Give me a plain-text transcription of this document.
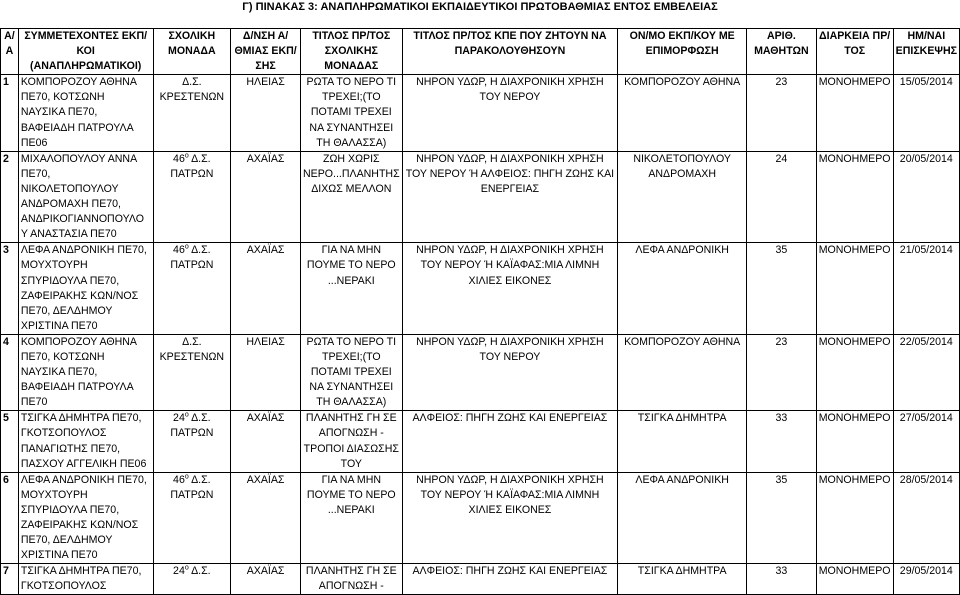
Γ) ΠΙΝΑΚΑΣ 3: ΑΝΑΠΛΗΡΩΜΑΤΙΚΟΙ ΕΚΠΑΙΔΕΥΤΙΚΟΙ ΠΡΩΤΟΒΑΘΜΙΑΣ ΕΝΤΟΣ ΕΜΒΕΛΕΙΑΣ
Α/Α	ΣΥΜΜΕΤΕΧΟΝΤΕΣ ΕΚΠ/ΚΟΙ (ΑΝΑΠΛΗΡΩΜΑΤΙΚΟΙ)	ΣΧΟΛΙΚΗ ΜΟΝΑΔΑ	Δ/ΝΣΗ Α/ΘΜΙΑΣ ΕΚΠ/ΣΗΣ	ΤΙΤΛΟΣ ΠΡ/ΤΟΣ ΣΧΟΛΙΚΗΣ ΜΟΝΑΔΑΣ	ΤΙΤΛΟΣ ΠΡ/ΤΟΣ ΚΠΕ ΠΟΥ ΖΗΤΟΥΝ ΝΑ ΠΑΡΑΚΟΛΟΥΘΗΣΟΥΝ	ΟΝ/ΜΟ ΕΚΠ/ΚΟΥ ΜΕ ΕΠΙΜΟΡΦΩΣΗ	ΑΡΙΘ. ΜΑΘΗΤΩΝ	ΔΙΑΡΚΕΙΑ ΠΡ/ΤΟΣ	ΗΜ/ΝΑΙ ΕΠΙΣΚΕΨΗΣ
1	ΚΟΜΠΟΡΟΖΟΥ ΑΘΗΝΑ ΠΕ70, ΚΟΤΣΩΝΗ ΝΑΥΣΙΚΑ ΠΕ70, ΒΑΦΕΙΑΔΗ ΠΑΤΡΟΥΛΑ ΠΕ06	Δ.Σ. ΚΡΕΣΤΕΝΩΝ	ΗΛΕΙΑΣ	ΡΩΤΑ ΤΟ ΝΕΡΟ ΤΙ ΤΡΕΧΕΙ;(ΤΟ ΠΟΤΑΜΙ ΤΡΕΧΕΙ ΝΑ ΣΥΝΑΝΤΗΣΕΙ ΤΗ ΘΑΛΑΣΣΑ)	ΝΗΡΟΝ ΥΔΩΡ, Η ΔΙΑΧΡΟΝΙΚΗ ΧΡΗΣΗ ΤΟΥ ΝΕΡΟΥ	ΚΟΜΠΟΡΟΖΟΥ ΑΘΗΝΑ	23	ΜΟΝΟΗΜΕΡΟ	15/05/2014
2	ΜΙΧΑΛΟΠΟΥΛΟΥ ΑΝΝΑ ΠΕ70, ΝΙΚΟΛΕΤΟΠΟΥΛΟΥ ΑΝΔΡΟΜΑΧΗ ΠΕ70, ΑΝΔΡΙΚΟΓΙΑΝΝΟΠΟΥΛΟΥ ΑΝΑΣΤΑΣΙΑ ΠΕ70	$46^o$ Δ.Σ. ΠΑΤΡΩΝ	ΑΧΑΪΑΣ	ΖΩΗ ΧΩΡΙΣ ΝΕΡΟ...ΠΛΑΝΗΤΗΣ ΔΙΧΩΣ ΜΕΛΛΟΝ	ΝΗΡΟΝ ΥΔΩΡ, Η ΔΙΑΧΡΟΝΙΚΗ ΧΡΗΣΗ ΤΟΥ ΝΕΡΟΥ Ή ΑΛΦΕΙΟΣ: ΠΗΓΗ ΖΩΗΣ ΚΑΙ ΕΝΕΡΓΕΙΑΣ	ΝΙΚΟΛΕΤΟΠΟΥΛΟΥ ΑΝΔΡΟΜΑΧΗ	24	ΜΟΝΟΗΜΕΡΟ	20/05/2014
3	ΛΕΦΑ ΑΝΔΡΟΝΙΚΗ ΠΕ70, ΜΟΥΧΤΟΥΡΗ ΣΠΥΡΙΔΟΥΛΑ ΠΕ70, ΖΑΦΕΙΡΑΚΗΣ ΚΩΝ/ΝΟΣ ΠΕ70, ΔΕΛΔΗΜΟΥ ΧΡΙΣΤΙΝΑ ΠΕ70	$46^o$ Δ.Σ. ΠΑΤΡΩΝ	ΑΧΑΪΑΣ	ΓΙΑ ΝΑ ΜΗΝ ΠΟΥΜΕ ΤΟ ΝΕΡΟ ...ΝΕΡΑΚΙ	ΝΗΡΟΝ ΥΔΩΡ, Η ΔΙΑΧΡΟΝΙΚΗ ΧΡΗΣΗ ΤΟΥ ΝΕΡΟΥ Ή ΚΑΪΑΦΑΣ:ΜΙΑ ΛΙΜΝΗ ΧΙΛΙΕΣ ΕΙΚΟΝΕΣ	ΛΕΦΑ ΑΝΔΡΟΝΙΚΗ	35	ΜΟΝΟΗΜΕΡΟ	21/05/2014
4	ΚΟΜΠΟΡΟΖΟΥ ΑΘΗΝΑ ΠΕ70, ΚΟΤΣΩΝΗ ΝΑΥΣΙΚΑ ΠΕ70, ΒΑΦΕΙΑΔΗ ΠΑΤΡΟΥΛΑ ΠΕ70	Δ.Σ. ΚΡΕΣΤΕΝΩΝ	ΗΛΕΙΑΣ	ΡΩΤΑ ΤΟ ΝΕΡΟ ΤΙ ΤΡΕΧΕΙ;(ΤΟ ΠΟΤΑΜΙ ΤΡΕΧΕΙ ΝΑ ΣΥΝΑΝΤΗΣΕΙ ΤΗ ΘΑΛΑΣΣΑ)	ΝΗΡΟΝ ΥΔΩΡ, Η ΔΙΑΧΡΟΝΙΚΗ ΧΡΗΣΗ ΤΟΥ ΝΕΡΟΥ	ΚΟΜΠΟΡΟΖΟΥ ΑΘΗΝΑ	23	ΜΟΝΟΗΜΕΡΟ	22/05/2014
5	ΤΣΙΓΚΑ ΔΗΜΗΤΡΑ ΠΕ70, ΓΚΟΤΣΟΠΟΥΛΟΣ ΠΑΝΑΓΙΩΤΗΣ ΠΕ70, ΠΑΣΧΟΥ ΑΓΓΕΛΙΚΗ ΠΕ06	$24^o$ Δ.Σ. ΠΑΤΡΩΝ	ΑΧΑΪΑΣ	ΠΛΑΝΗΤΗΣ ΓΗ ΣΕ ΑΠΟΓΝΩΣΗ - ΤΡΟΠΟΙ ΔΙΑΣΩΣΗΣ ΤΟΥ	ΑΛΦΕΙΟΣ: ΠΗΓΗ ΖΩΗΣ ΚΑΙ ΕΝΕΡΓΕΙΑΣ	ΤΣΙΓΚΑ ΔΗΜΗΤΡΑ	33	ΜΟΝΟΗΜΕΡΟ	27/05/2014
6	ΛΕΦΑ ΑΝΔΡΟΝΙΚΗ ΠΕ70, ΜΟΥΧΤΟΥΡΗ ΣΠΥΡΙΔΟΥΛΑ ΠΕ70, ΖΑΦΕΙΡΑΚΗΣ ΚΩΝ/ΝΟΣ ΠΕ70, ΔΕΛΔΗΜΟΥ ΧΡΙΣΤΙΝΑ ΠΕ70	$46^o$ Δ.Σ. ΠΑΤΡΩΝ	ΑΧΑΪΑΣ	ΓΙΑ ΝΑ ΜΗΝ ΠΟΥΜΕ ΤΟ ΝΕΡΟ ...ΝΕΡΑΚΙ	ΝΗΡΟΝ ΥΔΩΡ, Η ΔΙΑΧΡΟΝΙΚΗ ΧΡΗΣΗ ΤΟΥ ΝΕΡΟΥ Ή ΚΑΪΑΦΑΣ:ΜΙΑ ΛΙΜΝΗ ΧΙΛΙΕΣ ΕΙΚΟΝΕΣ	ΛΕΦΑ ΑΝΔΡΟΝΙΚΗ	35	ΜΟΝΟΗΜΕΡΟ	28/05/2014
7	ΤΣΙΓΚΑ ΔΗΜΗΤΡΑ ΠΕ70, ΓΚΟΤΣΟΠΟΥΛΟΣ	$24^o$ Δ.Σ.	ΑΧΑΪΑΣ	ΠΛΑΝΗΤΗΣ ΓΗ ΣΕ ΑΠΟΓΝΩΣΗ -	ΑΛΦΕΙΟΣ: ΠΗΓΗ ΖΩΗΣ ΚΑΙ ΕΝΕΡΓΕΙΑΣ	ΤΣΙΓΚΑ ΔΗΜΗΤΡΑ	33	ΜΟΝΟΗΜΕΡΟ	29/05/2014
